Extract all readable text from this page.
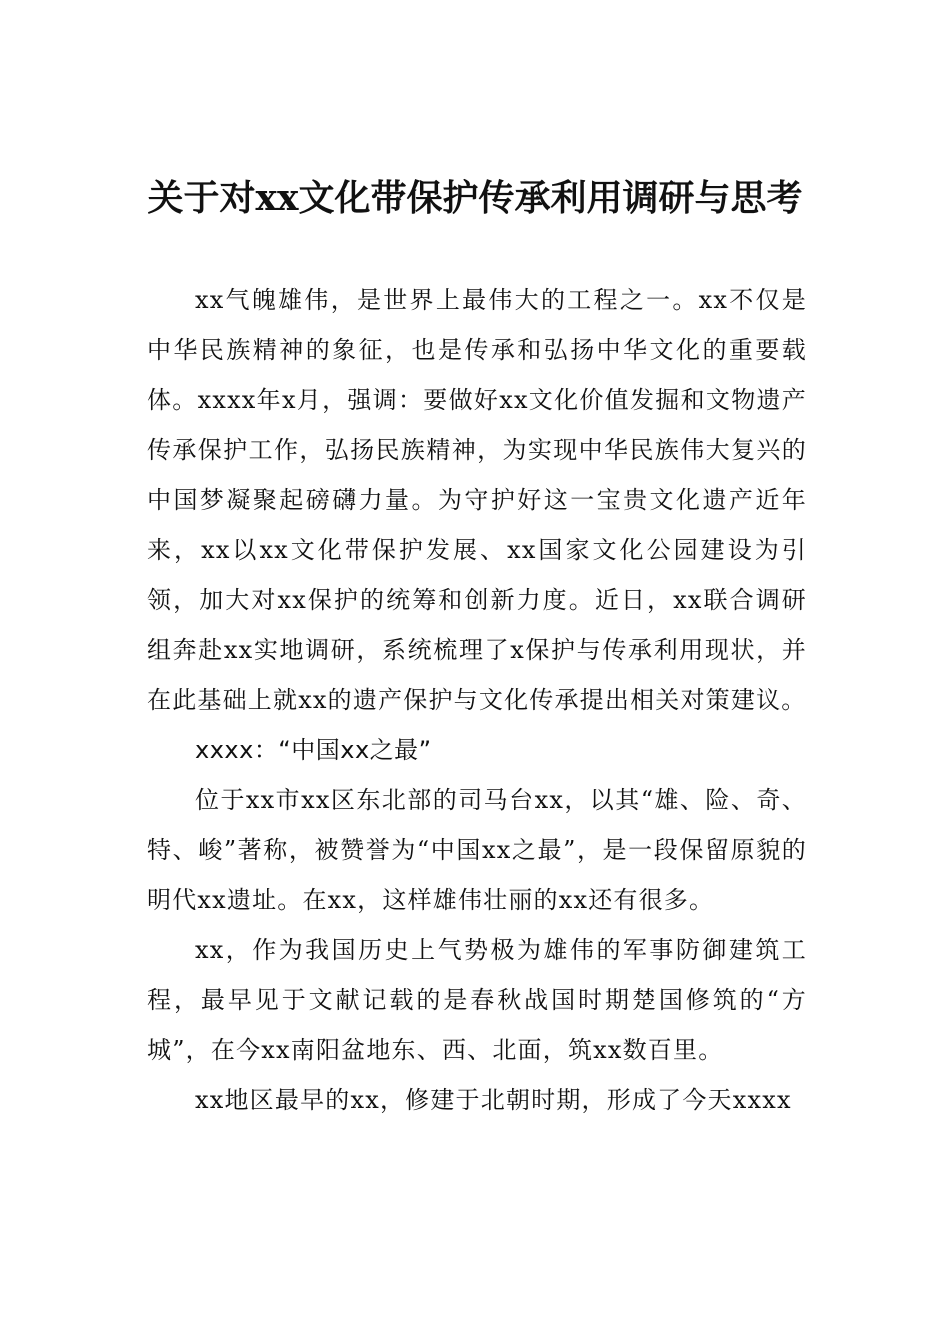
关于对xx文化带保护传承利用调研与思考

xx气魄雄伟，是世界上最伟大的工程之一。xx不仅是中华民族精神的象征，也是传承和弘扬中华文化的重要载体。xxxx年x月，强调：要做好xx文化价值发掘和文物遗产传承保护工作，弘扬民族精神，为实现中华民族伟大复兴的中国梦凝聚起磅礴力量。为守护好这一宝贵文化遗产近年来，xx以xx文化带保护发展、xx国家文化公园建设为引领，加大对xx保护的统筹和创新力度。近日，xx联合调研组奔赴xx实地调研，系统梳理了x保护与传承利用现状，并在此基础上就xx的遗产保护与文化传承提出相关对策建议。

xxxx：“中国xx之最”

位于xx市xx区东北部的司马台xx，以其“雄、险、奇、特、峻”著称，被赞誉为“中国xx之最”，是一段保留原貌的明代xx遗址。在xx，这样雄伟壮丽的xx还有很多。

xx，作为我国历史上气势极为雄伟的军事防御建筑工程，最早见于文献记载的是春秋战国时期楚国修筑的“方城”，在今xx南阳盆地东、西、北面，筑xx数百里。

xx地区最早的xx，修建于北朝时期，形成了今天xxxx
